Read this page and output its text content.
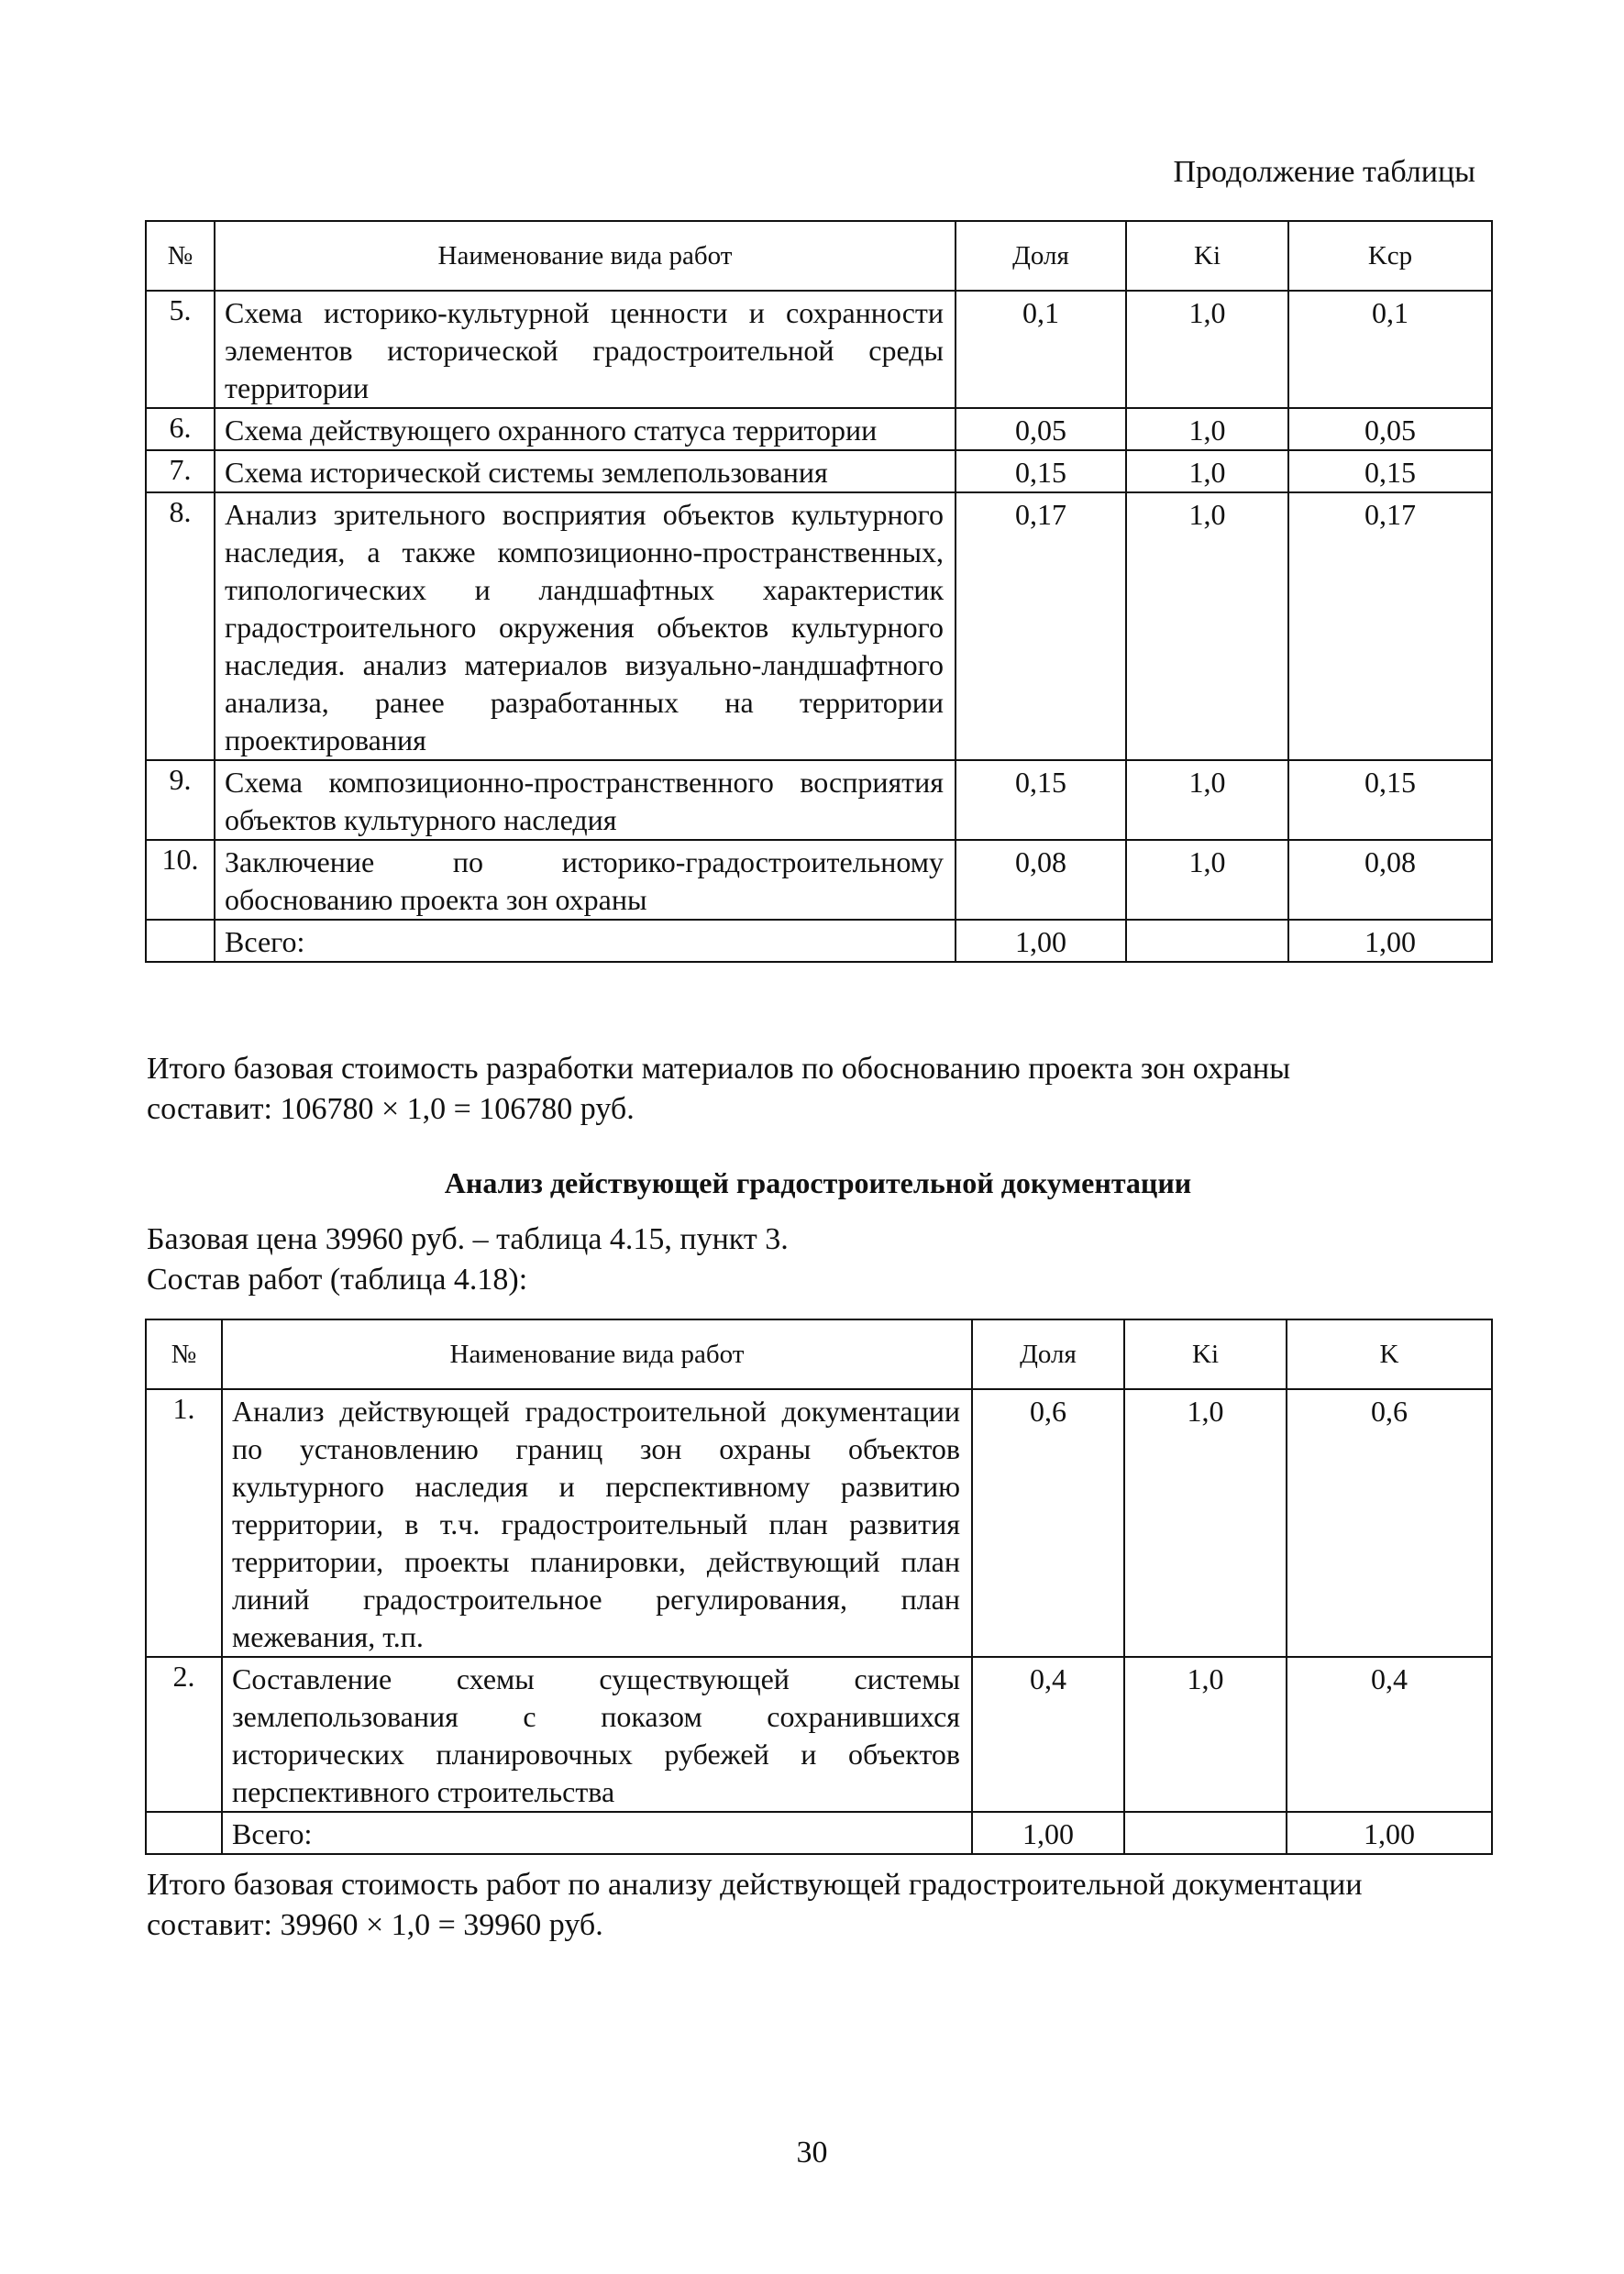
Продолжение таблицы
№	Наименование вида работ	Доля	Ki	Kср
5.	Схема историко-культурной ценности и сохранности элементов исторической градостроительной среды территории	0,1	1,0	0,1
6.	Схема действующего охранного статуса территории	0,05	1,0	0,05
7.	Схема исторической системы землепользования	0,15	1,0	0,15
8.	Анализ зрительного восприятия объектов культурного наследия, а также композиционно-пространственных, типологических и ландшафтных характеристик градостроительного окружения объектов культурного наследия. анализ материалов визуально-ландшафтного анализа, ранее разработанных на территории проектирования	0,17	1,0	0,17
9.	Схема композиционно-пространственного восприятия объектов культурного наследия	0,15	1,0	0,15
10.	Заключение по историко-градостроительному обоснованию проекта зон охраны	0,08	1,0	0,08
	Всего:	1,00		1,00
Итого базовая стоимость разработки материалов по обоснованию проекта зон охраны
составит: 106780 × 1,0 = 106780 руб.
Анализ действующей градостроительной документации
Базовая цена 39960 руб. – таблица 4.15, пункт 3.
Состав работ (таблица 4.18):
№	Наименование вида работ	Доля	Ki	K
1.	Анализ действующей градостроительной документации по установлению границ зон охраны объектов культурного наследия и перспективному развитию территории, в т.ч. градостроительный план развития территории, проекты планировки, действующий план линий градостроительное регулирования, план межевания, т.п.	0,6	1,0	0,6
2.	Составление схемы существующей системы землепользования с показом сохранившихся исторических планировочных рубежей и объектов перспективного строительства	0,4	1,0	0,4
	Всего:	1,00		1,00
Итого базовая стоимость работ по анализу действующей градостроительной документации
составит: 39960 × 1,0 = 39960 руб.
30
